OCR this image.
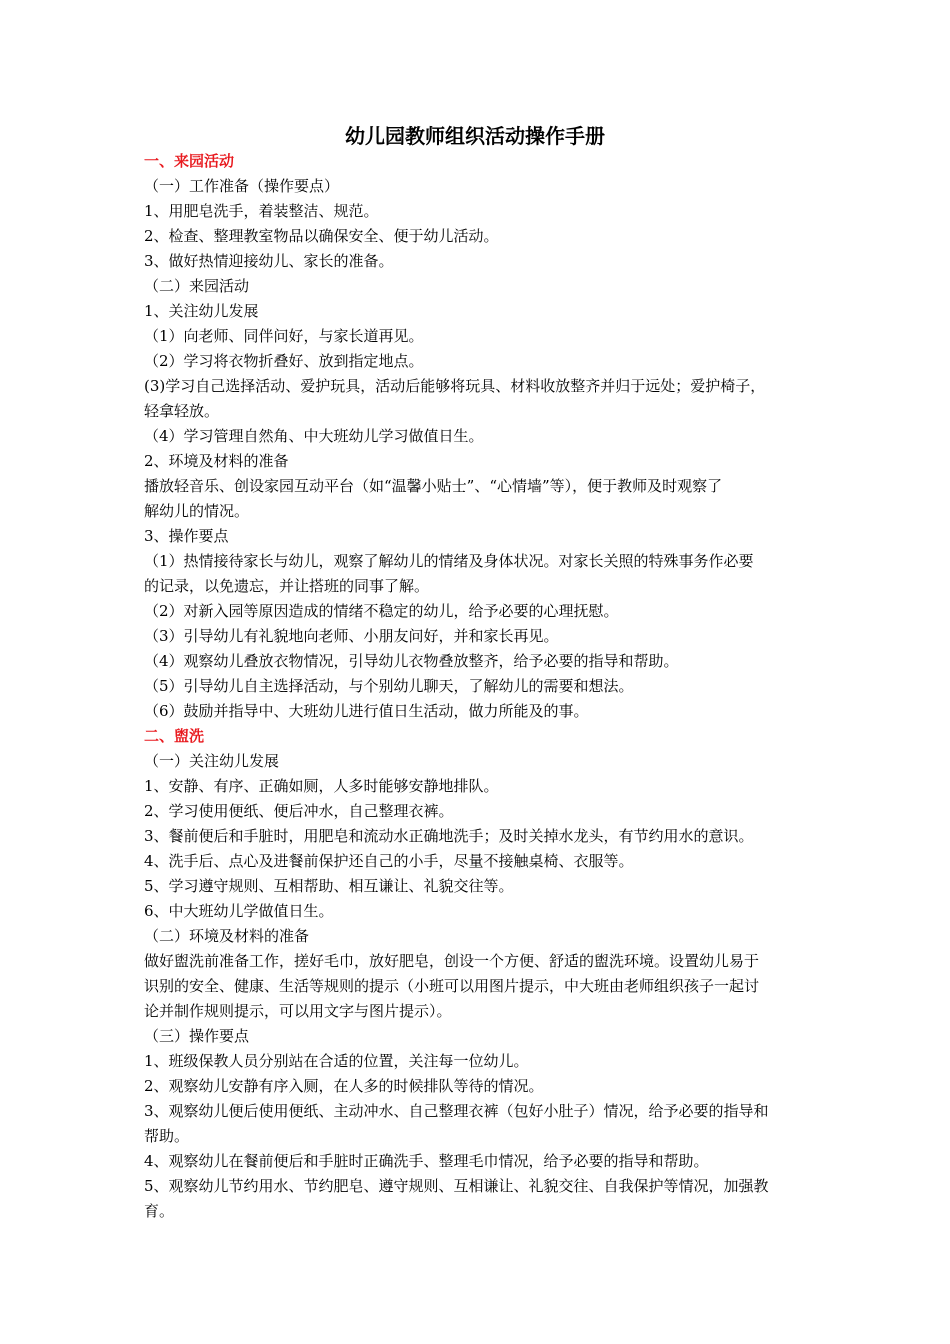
幼儿园教师组织活动操作手册

一、来园活动

（一）工作准备（操作要点）

1、用肥皂洗手，着装整洁、规范。

2、检查、整理教室物品以确保安全、便于幼儿活动。

3、做好热情迎接幼儿、家长的准备。

（二）来园活动

1、关注幼儿发展

（1）向老师、同伴问好，与家长道再见。

（2）学习将衣物折叠好、放到指定地点。

(3)学习自己选择活动、爱护玩具，活动后能够将玩具、材料收放整齐并归于远处；爱护椅子，

轻拿轻放。

（4）学习管理自然角、中大班幼儿学习做值日生。

2、环境及材料的准备

播放轻音乐、创设家园互动平台（如“温馨小贴士”、“心情墙”等），便于教师及时观察了

解幼儿的情况。

3、操作要点

（1）热情接待家长与幼儿，观察了解幼儿的情绪及身体状况。对家长关照的特殊事务作必要

的记录，以免遗忘，并让搭班的同事了解。

（2）对新入园等原因造成的情绪不稳定的幼儿，给予必要的心理抚慰。

（3）引导幼儿有礼貌地向老师、小朋友问好，并和家长再见。

（4）观察幼儿叠放衣物情况，引导幼儿衣物叠放整齐，给予必要的指导和帮助。

（5）引导幼儿自主选择活动，与个别幼儿聊天，了解幼儿的需要和想法。

（6）鼓励并指导中、大班幼儿进行值日生活动，做力所能及的事。

二、盥洗

（一）关注幼儿发展

1、安静、有序、正确如厕，人多时能够安静地排队。

2、学习使用便纸、便后冲水，自己整理衣裤。

3、餐前便后和手脏时，用肥皂和流动水正确地洗手；及时关掉水龙头，有节约用水的意识。

4、洗手后、点心及进餐前保护还自己的小手，尽量不接触桌椅、衣服等。

5、学习遵守规则、互相帮助、相互谦让、礼貌交往等。

6、中大班幼儿学做值日生。

（二）环境及材料的准备

做好盥洗前准备工作，搓好毛巾，放好肥皂，创设一个方便、舒适的盥洗环境。设置幼儿易于

识别的安全、健康、生活等规则的提示（小班可以用图片提示，中大班由老师组织孩子一起讨

论并制作规则提示，可以用文字与图片提示）。

（三）操作要点

1、班级保教人员分别站在合适的位置，关注每一位幼儿。

2、观察幼儿安静有序入厕，在人多的时候排队等待的情况。

3、观察幼儿便后使用便纸、主动冲水、自己整理衣裤（包好小肚子）情况，给予必要的指导和

帮助。

4、观察幼儿在餐前便后和手脏时正确洗手、整理毛巾情况，给予必要的指导和帮助。

5、观察幼儿节约用水、节约肥皂、遵守规则、互相谦让、礼貌交往、自我保护等情况，加强教

育。
